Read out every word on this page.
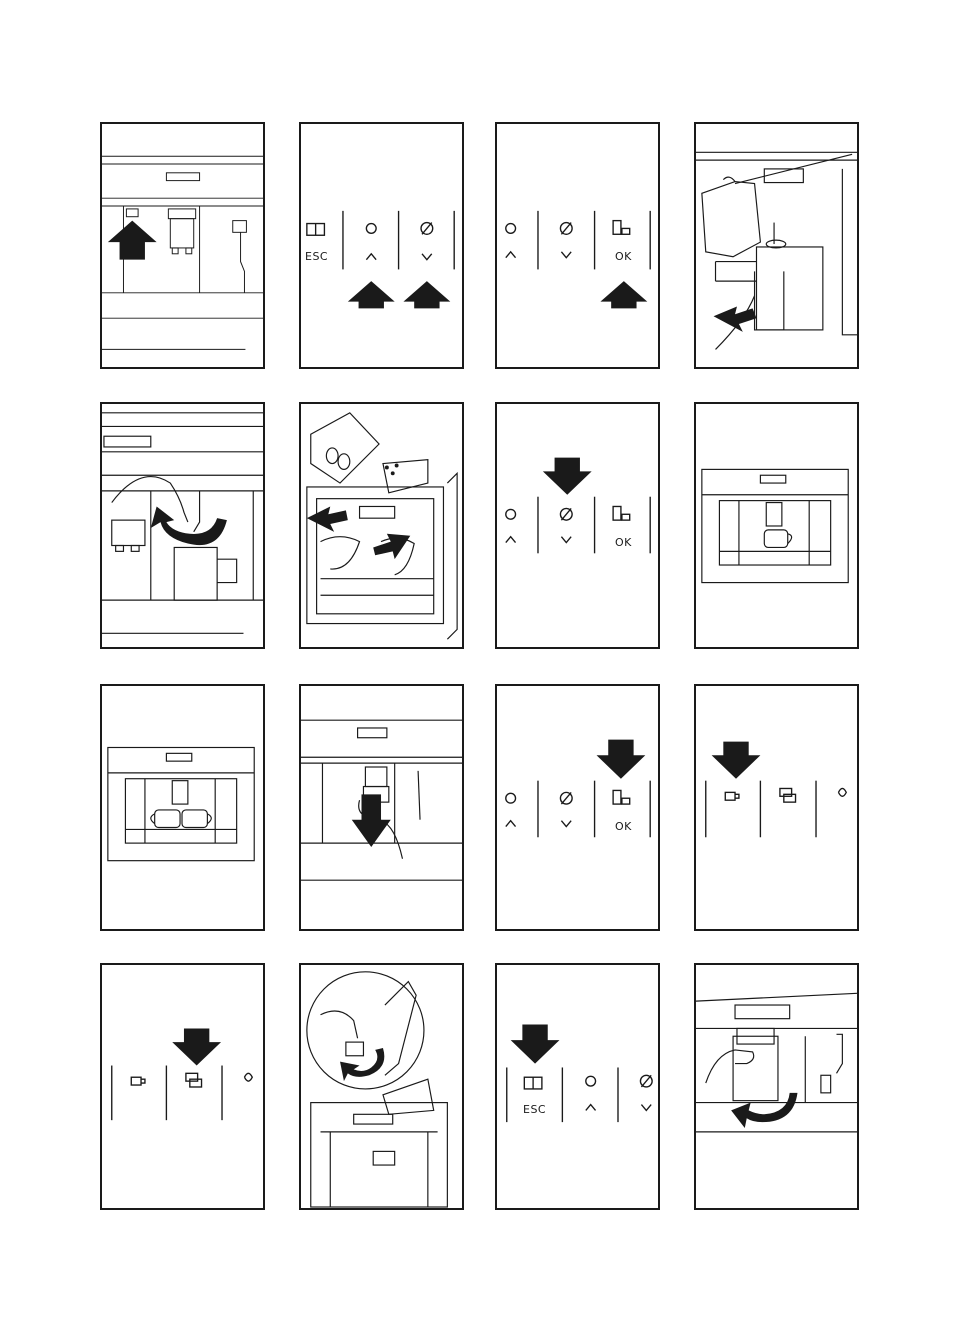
ESC	OK
OK
OK
ESC
